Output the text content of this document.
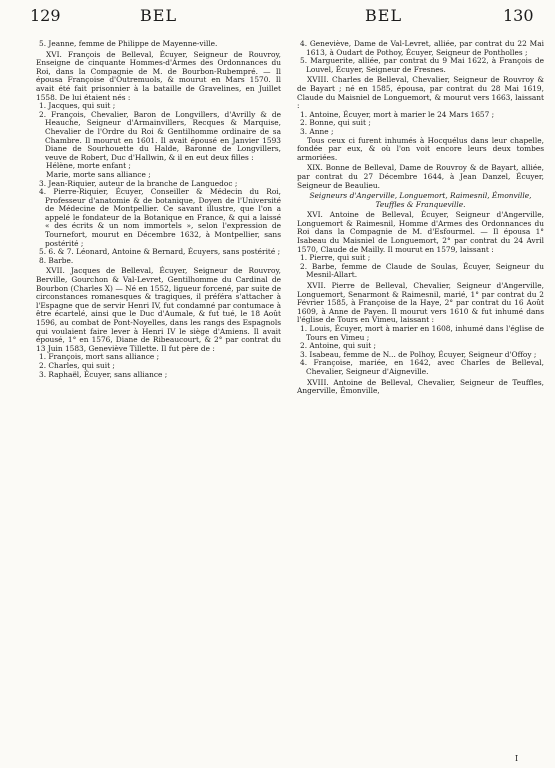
129	BEL	BEL	130

5. Jeanne, femme de Philippe de Mayenne-ville.

XVI. François de Belleval, Écuyer, Seigneur de Rouvroy, Enseigne de cinquante Hommes-d'Armes des Ordonnances du Roi, dans la Compagnie de M. de Bourbon-Rubempré. — Il épousa Françoise d'Outremuols, & mourut en Mars 1570. Il avait été fait prisonnier à la bataille de Gravelines, en Juillet 1558. De lui étaient nés :

1. Jacques, qui suit ;

2. François, Chevalier, Baron de Longvillers, d'Avrilly & de Heauche, Seigneur d'Armainvillers, Recques & Marquise, Chevalier de l'Ordre du Roi & Gentilhomme ordinaire de sa Chambre. Il mourut en 1601. Il avait épousé en Janvier 1593 Diane de Sourhouette du Halde, Baronne de Longvillers, veuve de Robert, Duc d'Hallwin, & il en eut deux filles :

Hélène, morte enfant ;

Marie, morte sans alliance ;

3. Jean-Riquier, auteur de la branche de Languedoc ;

4. Pierre-Riquier, Écuyer, Conseiller & Médecin du Roi, Professeur d'anatomie & de botanique, Doyen de l'Université de Médecine de Montpellier. Ce savant illustre, que l'on a appelé le fondateur de la Botanique en France, & qui a laissé « des écrits & un nom immortels », selon l'expression de Tournefort, mourut en Décembre 1632, à Montpellier, sans postérité ;

5. 6. & 7. Léonard, Antoine & Bernard, Écuyers, sans postérité ;

8. Barbe.

XVII. Jacques de Belleval, Écuyer, Seigneur de Rouvroy, Berville, Gourchon & Val-Levret, Gentilhomme du Cardinal de Bourbon (Charles X) — Né en 1552, ligueur forcené, par suite de circonstances romanesques & tragiques, il préféra s'attacher à l'Espagne que de servir Henri IV, fut condamné par contumace à être écartelé, ainsi que le Duc d'Aumale, & fut tué, le 18 Août 1596, au combat de Pont-Noyelles, dans les rangs des Espagnols qui voulaient faire lever à Henri IV le siège d'Amiens. Il avait épousé, 1° en 1576, Diane de Ribeaucourt, & 2° par contrat du 13 Juin 1583, Geneviève Tillette. Il fut père de :

1. François, mort sans alliance ;

2. Charles, qui suit ;

3. Raphaël, Écuyer, sans alliance ;

4. Geneviève, Dame de Val-Levret, alliée, par contrat du 22 Mai 1613, à Oudart de Pothoy, Écuyer, Seigneur de Pontholles ;

5. Marguerite, alliée, par contrat du 9 Mai 1622, à François de Louvel, Écuyer, Seigneur de Fresnes.

XVIII. Charles de Belleval, Chevalier, Seigneur de Rouvroy & de Bayart ; né en 1585, épousa, par contrat du 28 Mai 1619, Claude du Maisniel de Longuemort, & mourut vers 1663, laissant :

1. Antoine, Écuyer, mort à marier le 24 Mars 1657 ;

2. Bonne, qui suit ;

3. Anne ;

Tous ceux ci furent inhumés à Hocquélus dans leur chapelle, fondée par eux, & où l'on voit encore leurs deux tombes armoriées.

XIX. Bonne de Belleval, Dame de Rouvroy & de Bayart, alliée, par contrat du 27 Décembre 1644, à Jean Danzel, Écuyer, Seigneur de Beaulieu.

Seigneurs d'Angerville, Longuemort, Raimesnil, Émonville, Teuffles & Franqueville.

XVI. Antoine de Belleval, Écuyer, Seigneur d'Angerville, Longuemort & Raimesnil, Homme d'Armes des Ordonnances du Roi dans la Compagnie de M. d'Esfourmel. — Il épousa 1° Isabeau du Maisniel de Longuemort, 2° par contrat du 24 Avril 1570, Claude de Mailly. Il mourut en 1579, laissant :

1. Pierre, qui suit ;

2. Barbe, femme de Claude de Soulas, Écuyer, Seigneur du Mesnil-Allart.

XVII. Pierre de Belleval, Chevalier, Seigneur d'Angerville, Longuemort, Senarmont & Raimesnil, marié, 1° par contrat du 2 Février 1585, à Françoise de la Haye, 2° par contrat du 16 Août 1609, à Anne de Payen. Il mourut vers 1610 & fut inhumé dans l'église de Tours en Vimeu, laissant :

1. Louis, Écuyer, mort à marier en 1608, inhumé dans l'église de Tours en Vimeu ;

2. Antoine, qui suit ;

3. Isabeau, femme de N... de Polhoy, Écuyer, Seigneur d'Offoy ;

4. Françoise, mariée, en 1642, avec Charles de Belleval, Chevalier, Seigneur d'Aigneville.

XVIII. Antoine de Belleval, Chevalier, Seigneur de Teuffles, Angerville, Émonville,

I
